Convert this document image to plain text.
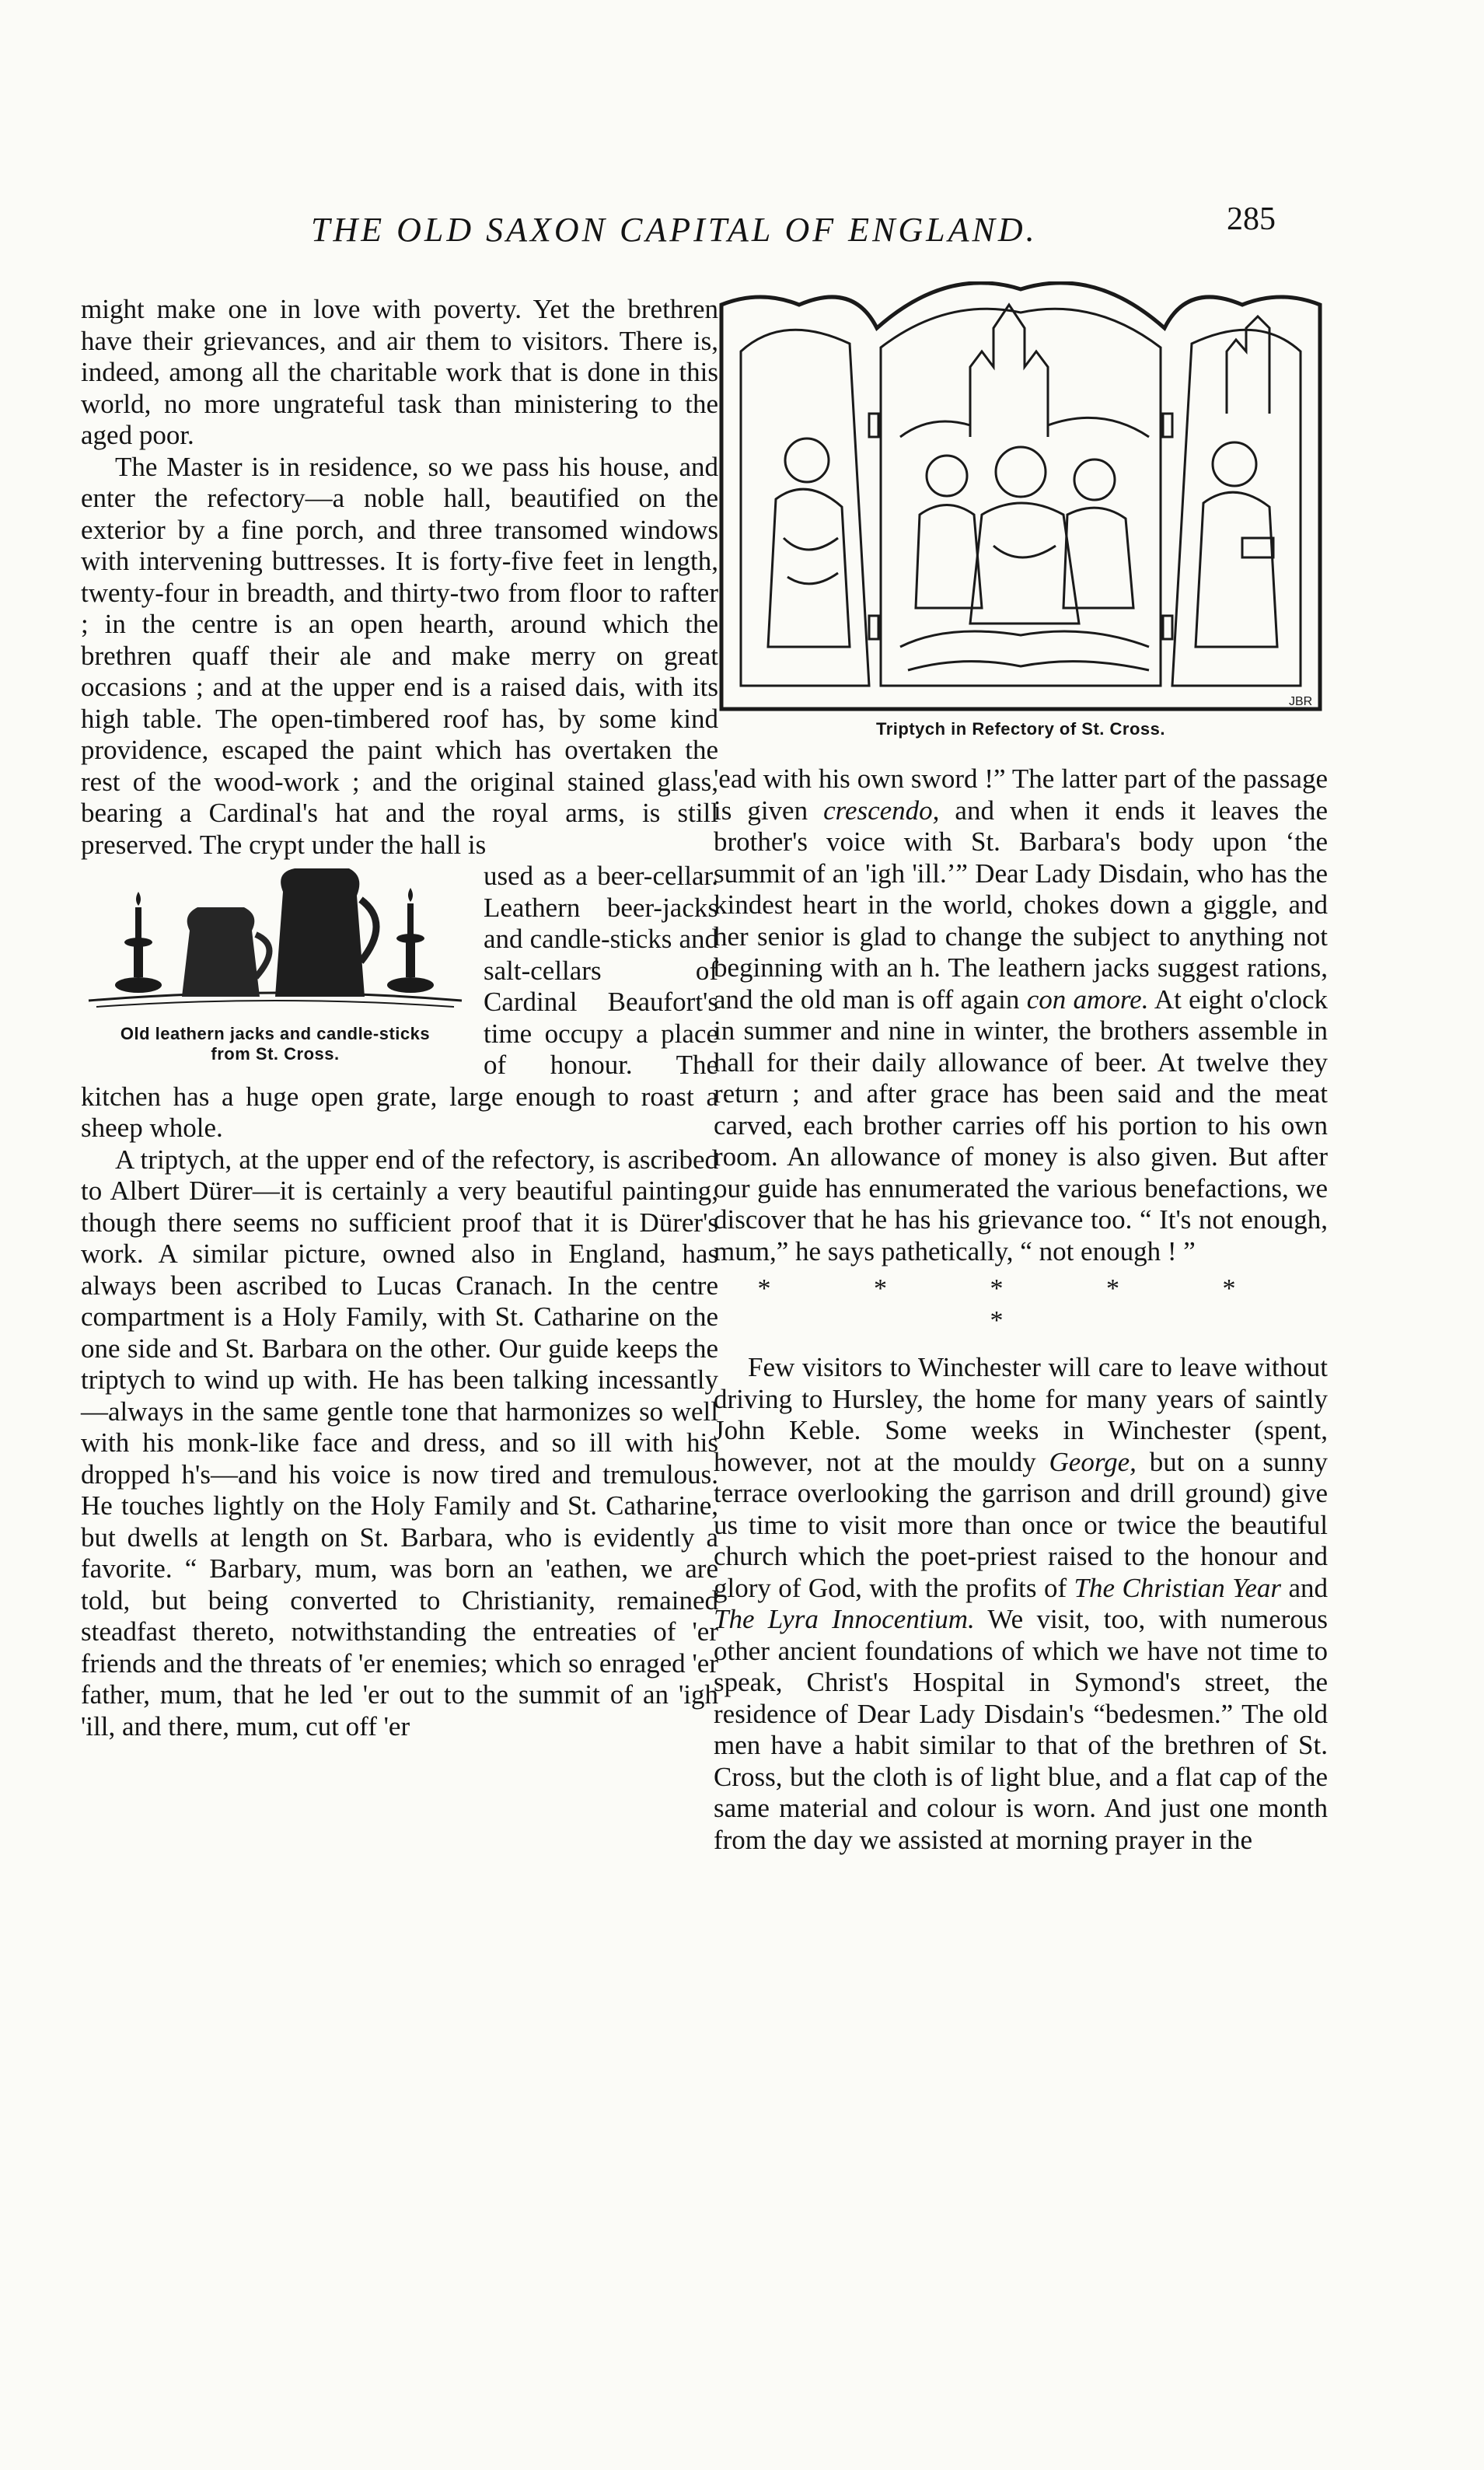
THE OLD SAXON CAPITAL OF ENGLAND.	285
JBR
Triptych in Refectory of St. Cross.

might make one in love with poverty. Yet the brethren have their grievances, and air them to visitors. There is, indeed, among all the charitable work that is done in this world, no more ungrateful task than ministering to the aged poor.

The Master is in residence, so we pass his house, and enter the refectory—a noble hall, beautified on the exterior by a fine porch, and three transomed windows with intervening buttresses. It is forty-five feet in length, twenty-four in breadth, and thirty-two from floor to rafter ; in the centre is an open hearth, around which the brethren quaff their ale and make merry on great occasions ; and at the upper end is a raised dais, with its high table. The open-timbered roof has, by some kind providence, escaped the paint which has overtaken the rest of the wood-work ; and the original stained glass, bearing a Cardinal's hat and the royal arms, is still preserved. The crypt under the hall is

Old leathern jacks and candle-sticks
from St. Cross.

used as a beer-cellar. Leathern beer-jacks and candle-sticks and salt-cellars of Cardinal Beaufort's time occupy a place of honour. The kitchen has a huge open grate, large enough to roast a sheep whole.

A triptych, at the upper end of the refectory, is ascribed to Albert Dürer—it is certainly a very beautiful painting, though there seems no sufficient proof that it is Dürer's work. A similar picture, owned also in England, has always been ascribed to Lucas Cranach. In the centre compartment is a Holy Family, with St. Catharine on the one side and St. Barbara on the other. Our guide keeps the triptych to wind up with. He has been talking incessantly—always in the same gentle tone that harmonizes so well with his monk-like face and dress, and so ill with his dropped h's—and his voice is now tired and tremulous. He touches lightly on the Holy Family and St. Catharine, but dwells at length on St. Barbara, who is evidently a favorite. “ Barbary, mum, was born an 'eathen, we are told, but being converted to Christianity, remained steadfast thereto, notwithstanding the entreaties of 'er friends and the threats of 'er enemies; which so enraged 'er father, mum, that he led 'er out to the summit of an 'igh 'ill, and there, mum, cut off 'er

'ead with his own sword !” The latter part of the passage is given crescendo, and when it ends it leaves the brother's voice with St. Barbara's body upon ‘the summit of an 'igh 'ill.’” Dear Lady Disdain, who has the kindest heart in the world, chokes down a giggle, and her senior is glad to change the subject to anything not beginning with an h. The leathern jacks suggest rations, and the old man is off again con amore. At eight o'clock in summer and nine in winter, the brothers assemble in hall for their daily allowance of beer. At twelve they return ; and after grace has been said and the meat carved, each brother carries off his portion to his own room. An allowance of money is also given. But after our guide has ennumerated the various benefactions, we discover that he has his grievance too. “ It's not enough, mum,” he says pathetically, “ not enough ! ”

* * * * * *

Few visitors to Winchester will care to leave without driving to Hursley, the home for many years of saintly John Keble. Some weeks in Winchester (spent, however, not at the mouldy George, but on a sunny terrace overlooking the garrison and drill ground) give us time to visit more than once or twice the beautiful church which the poet-priest raised to the honour and glory of God, with the profits of The Christian Year and The Lyra Innocentium. We visit, too, with numerous other ancient foundations of which we have not time to speak, Christ's Hospital in Symond's street, the residence of Dear Lady Disdain's “bedesmen.” The old men have a habit similar to that of the brethren of St. Cross, but the cloth is of light blue, and a flat cap of the same material and colour is worn. And just one month from the day we assisted at morning prayer in the
